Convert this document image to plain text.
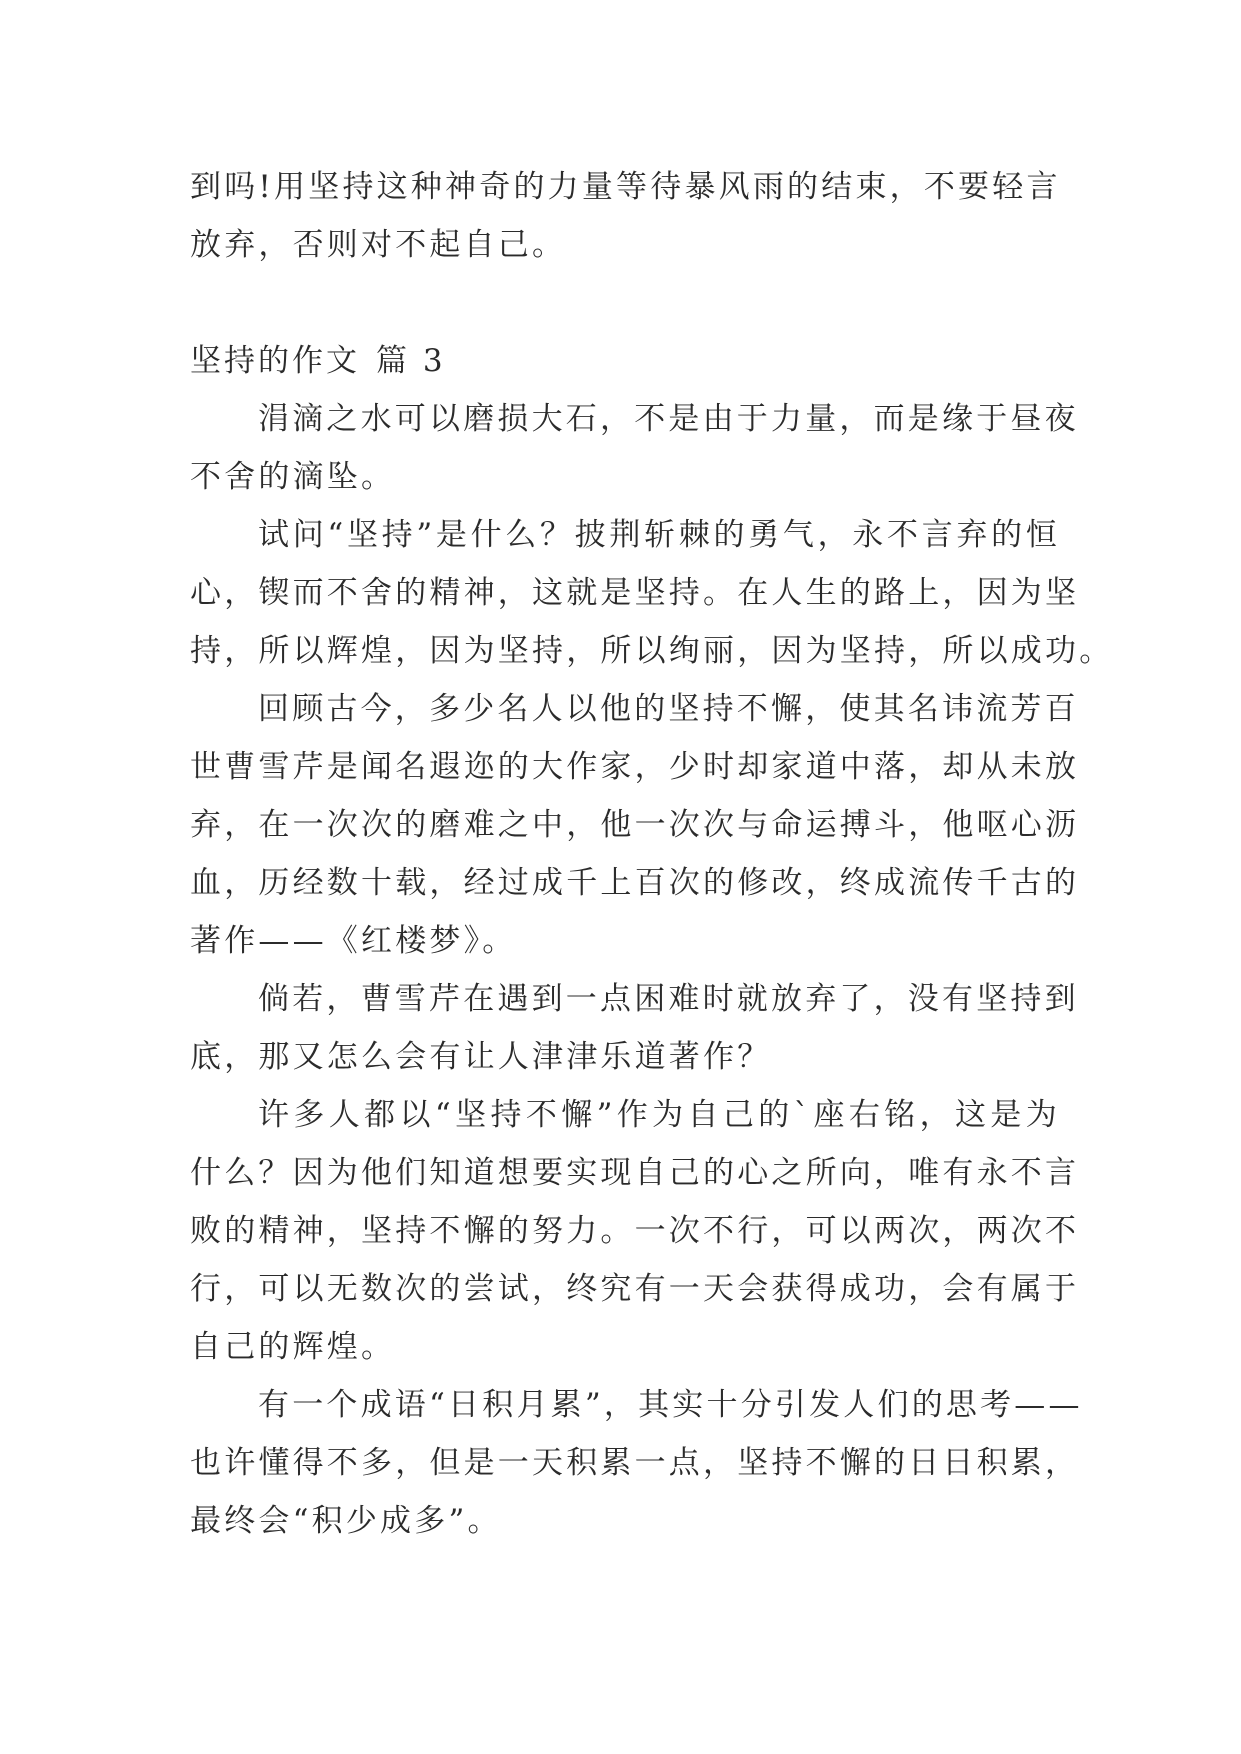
到吗!用坚持这种神奇的力量等待暴风雨的结束，不要轻言
放弃，否则对不起自己。
坚持的作文 篇 3
涓滴之水可以磨损大石，不是由于力量，而是缘于昼夜
不舍的滴坠。
试问“坚持”是什么？披荆斩棘的勇气，永不言弃的恒
心，锲而不舍的精神，这就是坚持。在人生的路上，因为坚
持，所以辉煌，因为坚持，所以绚丽，因为坚持，所以成功。
回顾古今，多少名人以他的坚持不懈，使其名讳流芳百
世曹雪芹是闻名遐迩的大作家，少时却家道中落，却从未放
弃，在一次次的磨难之中，他一次次与命运搏斗，他呕心沥
血，历经数十载，经过成千上百次的修改，终成流传千古的
著作——《红楼梦》。
倘若，曹雪芹在遇到一点困难时就放弃了，没有坚持到
底，那又怎么会有让人津津乐道著作？
许多人都以“坚持不懈”作为自己的`座右铭，这是为
什么？因为他们知道想要实现自己的心之所向，唯有永不言
败的精神，坚持不懈的努力。一次不行，可以两次，两次不
行，可以无数次的尝试，终究有一天会获得成功，会有属于
自己的辉煌。
有一个成语“日积月累”，其实十分引发人们的思考——
也许懂得不多，但是一天积累一点，坚持不懈的日日积累，
最终会“积少成多”。
